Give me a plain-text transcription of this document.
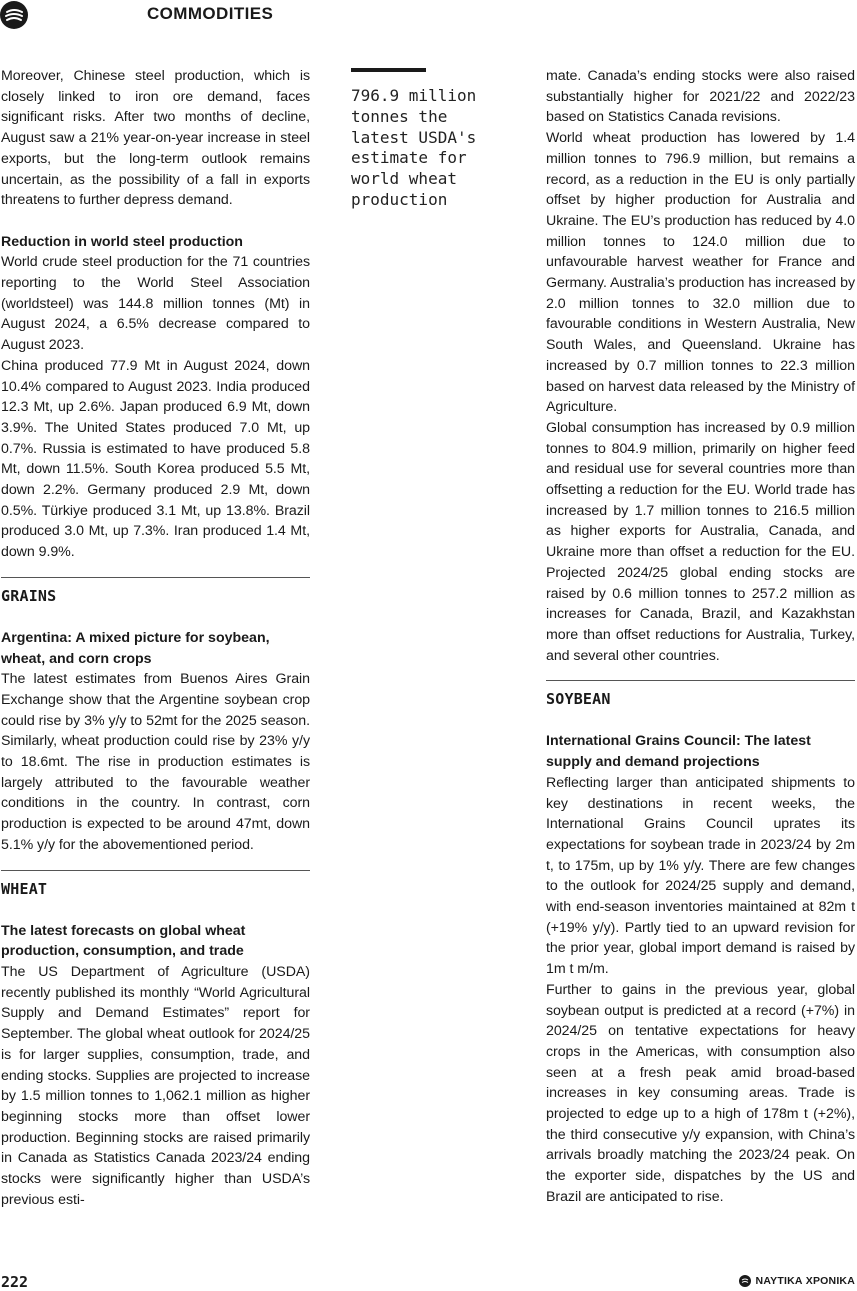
COMMODITIES

Moreover, Chinese steel production, which is closely linked to iron ore demand, faces significant risks. After two months of decline, August saw a 21% year-on-year increase in steel exports, but the long-term outlook remains uncertain, as the possibility of a fall in exports threatens to further depress demand.

Reduction in world steel production

World crude steel production for the 71 countries reporting to the World Steel Association (worldsteel) was 144.8 million tonnes (Mt) in August 2024, a 6.5% decrease compared to August 2023.

China produced 77.9 Mt in August 2024, down 10.4% compared to August 2023. India produced 12.3 Mt, up 2.6%. Japan produced 6.9 Mt, down 3.9%. The United States produced 7.0 Mt, up 0.7%. Russia is estimated to have produced 5.8 Mt, down 11.5%. South Korea produced 5.5 Mt, down 2.2%. Germany produced 2.9 Mt, down 0.5%. Türkiye produced 3.1 Mt, up 13.8%. Brazil produced 3.0 Mt, up 7.3%. Iran produced 1.4 Mt, down 9.9%.

GRAINS

Argentina: A mixed picture for soybean, wheat, and corn crops

The latest estimates from Buenos Aires Grain Exchange show that the Argentine soybean crop could rise by 3% y/y to 52mt for the 2025 season. Similarly, wheat production could rise by 23% y/y to 18.6mt. The rise in production estimates is largely attributed to the favourable weather conditions in the country. In contrast, corn production is expected to be around 47mt, down 5.1% y/y for the abovementioned period.

WHEAT

The latest forecasts on global wheat production, consumption, and trade

The US Department of Agriculture (USDA) recently published its monthly “World Agricultural Supply and Demand Estimates” report for September. The global wheat outlook for 2024/25 is for larger supplies, consumption, trade, and ending stocks. Supplies are projected to increase by 1.5 million tonnes to 1,062.1 million as higher beginning stocks more than offset lower production. Beginning stocks are raised primarily in Canada as Statistics Canada 2023/24 ending stocks were significantly higher than USDA’s previous esti-

796.9 million
tonnes the
latest USDA's
estimate for
world wheat
production

mate. Canada’s ending stocks were also raised substantially higher for 2021/22 and 2022/23 based on Statistics Canada revisions.

World wheat production has lowered by 1.4 million tonnes to 796.9 million, but remains a record, as a reduction in the EU is only partially offset by higher production for Australia and Ukraine. The EU’s production has reduced by 4.0 million tonnes to 124.0 million due to unfavourable harvest weather for France and Germany. Australia’s production has increased by 2.0 million tonnes to 32.0 million due to favourable conditions in Western Australia, New South Wales, and Queensland. Ukraine has increased by 0.7 million tonnes to 22.3 million based on harvest data released by the Ministry of Agriculture.

Global consumption has increased by 0.9 million tonnes to 804.9 million, primarily on higher feed and residual use for several countries more than offsetting a reduction for the EU. World trade has increased by 1.7 million tonnes to 216.5 million as higher exports for Australia, Canada, and Ukraine more than offset a reduction for the EU. Projected 2024/25 global ending stocks are raised by 0.6 million tonnes to 257.2 million as increases for Canada, Brazil, and Kazakhstan more than offset reductions for Australia, Turkey, and several other countries.

SOYBEAN

International Grains Council: The latest supply and demand projections

Reflecting larger than anticipated shipments to key destinations in recent weeks, the International Grains Council uprates its expectations for soybean trade in 2023/24 by 2m t, to 175m, up by 1% y/y. There are few changes to the outlook for 2024/25 supply and demand, with end-season inventories maintained at 82m t (+19% y/y). Partly tied to an upward revision for the prior year, global import demand is raised by 1m t m/m.

Further to gains in the previous year, global soybean output is predicted at a record (+7%) in 2024/25 on tentative expectations for heavy crops in the Americas, with consumption also seen at a fresh peak amid broad-based increases in key consuming areas. Trade is projected to edge up to a high of 178m t (+2%), the third consecutive y/y expansion, with China’s arrivals broadly matching the 2023/24 peak. On the exporter side, dispatches by the US and Brazil are anticipated to rise.

222	ΝΑΥΤΙΚΑ ΧΡΟΝΙΚΑ
